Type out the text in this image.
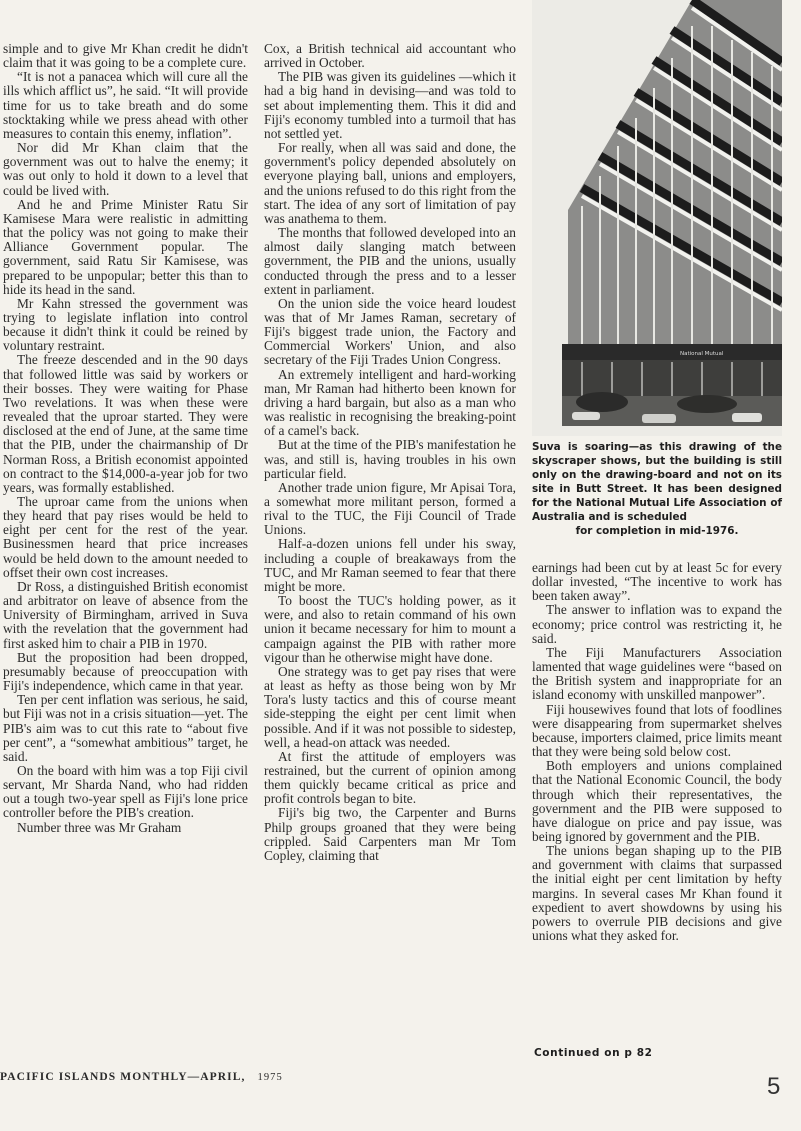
simple and to give Mr Khan credit he didn't claim that it was going to be a complete cure.

“It is not a panacea which will cure all the ills which afflict us”, he said. “It will provide time for us to take breath and do some stocktaking while we press ahead with other measures to contain this enemy, inflation”.

Nor did Mr Khan claim that the government was out to halve the enemy; it was out only to hold it down to a level that could be lived with.

And he and Prime Minister Ratu Sir Kamisese Mara were realistic in admitting that the policy was not going to make their Alliance Government popular. The government, said Ratu Sir Kamisese, was prepared to be unpopular; better this than to hide its head in the sand.

Mr Kahn stressed the government was trying to legislate inflation into control because it didn't think it could be reined by voluntary restraint.

The freeze descended and in the 90 days that followed little was said by workers or their bosses. They were waiting for Phase Two revelations. It was when these were revealed that the uproar started. They were disclosed at the end of June, at the same time that the PIB, under the chairmanship of Dr Norman Ross, a British economist appointed on contract to the $14,000-a-year job for two years, was formally established.

The uproar came from the unions when they heard that pay rises would be held to eight per cent for the rest of the year. Businessmen heard that price increases would be held down to the amount needed to offset their own cost increases.

Dr Ross, a distinguished British economist and arbitrator on leave of absence from the University of Birmingham, arrived in Suva with the revelation that the government had first asked him to chair a PIB in 1970.

But the proposition had been dropped, presumably because of preoccupation with Fiji's independence, which came in that year.

Ten per cent inflation was serious, he said, but Fiji was not in a crisis situation—yet. The PIB's aim was to cut this rate to “about five per cent”, a “somewhat ambitious” target, he said.

On the board with him was a top Fiji civil servant, Mr Sharda Nand, who had ridden out a tough two-year spell as Fiji's lone price controller before the PIB's creation.

Number three was Mr Graham

Cox, a British technical aid accountant who arrived in October.

The PIB was given its guidelines —which it had a big hand in devising—and was told to set about implementing them. This it did and Fiji's economy tumbled into a turmoil that has not settled yet.

For really, when all was said and done, the government's policy depended absolutely on everyone playing ball, unions and employers, and the unions refused to do this right from the start. The idea of any sort of limitation of pay was anathema to them.

The months that followed developed into an almost daily slanging match between government, the PIB and the unions, usually conducted through the press and to a lesser extent in parliament.

On the union side the voice heard loudest was that of Mr James Raman, secretary of Fiji's biggest trade union, the Factory and Commercial Workers' Union, and also secretary of the Fiji Trades Union Congress.

An extremely intelligent and hard-working man, Mr Raman had hitherto been known for driving a hard bargain, but also as a man who was realistic in recognising the breaking-point of a camel's back.

But at the time of the PIB's manifestation he was, and still is, having troubles in his own particular field.

Another trade union figure, Mr Apisai Tora, a somewhat more militant person, formed a rival to the TUC, the Fiji Council of Trade Unions.

Half-a-dozen unions fell under his sway, including a couple of breakaways from the TUC, and Mr Raman seemed to fear that there might be more.

To boost the TUC's holding power, as it were, and also to retain command of his own union it became necessary for him to mount a campaign against the PIB with rather more vigour than he otherwise might have done.

One strategy was to get pay rises that were at least as hefty as those being won by Mr Tora's lusty tactics and this of course meant side-stepping the eight per cent limit when possible. And if it was not possible to sidestep, well, a head-on attack was needed.

At first the attitude of employers was restrained, but the current of opinion among them quickly became critical as price and profit controls began to bite.

Fiji's big two, the Carpenter and Burns Philp groups groaned that they were being crippled. Said Carpenters man Mr Tom Copley, claiming that

National Mutual
Suva is soaring—as this drawing of the skyscraper shows, but the building is still only on the drawing-board and not on its site in Butt Street. It has been designed for the National Mutual Life Association of Australia and is scheduled
for completion in mid-1976.

earnings had been cut by at least 5c for every dollar invested, “The incentive to work has been taken away”.

The answer to inflation was to expand the economy; price control was restricting it, he said.

The Fiji Manufacturers Association lamented that wage guidelines were “based on the British system and inappropriate for an island economy with unskilled manpower”.

Fiji housewives found that lots of foodlines were disappearing from supermarket shelves because, importers claimed, price limits meant that they were being sold below cost.

Both employers and unions complained that the National Economic Council, the body through which their representatives, the government and the PIB were supposed to have dialogue on price and pay issue, was being ignored by government and the PIB.

The unions began shaping up to the PIB and government with claims that surpassed the initial eight per cent limitation by hefty margins. In several cases Mr Khan found it expedient to avert showdowns by using his powers to overrule PIB decisions and give unions what they asked for.

Continued on p 82
PACIFIC ISLANDS MONTHLY—APRIL, 1975	5
